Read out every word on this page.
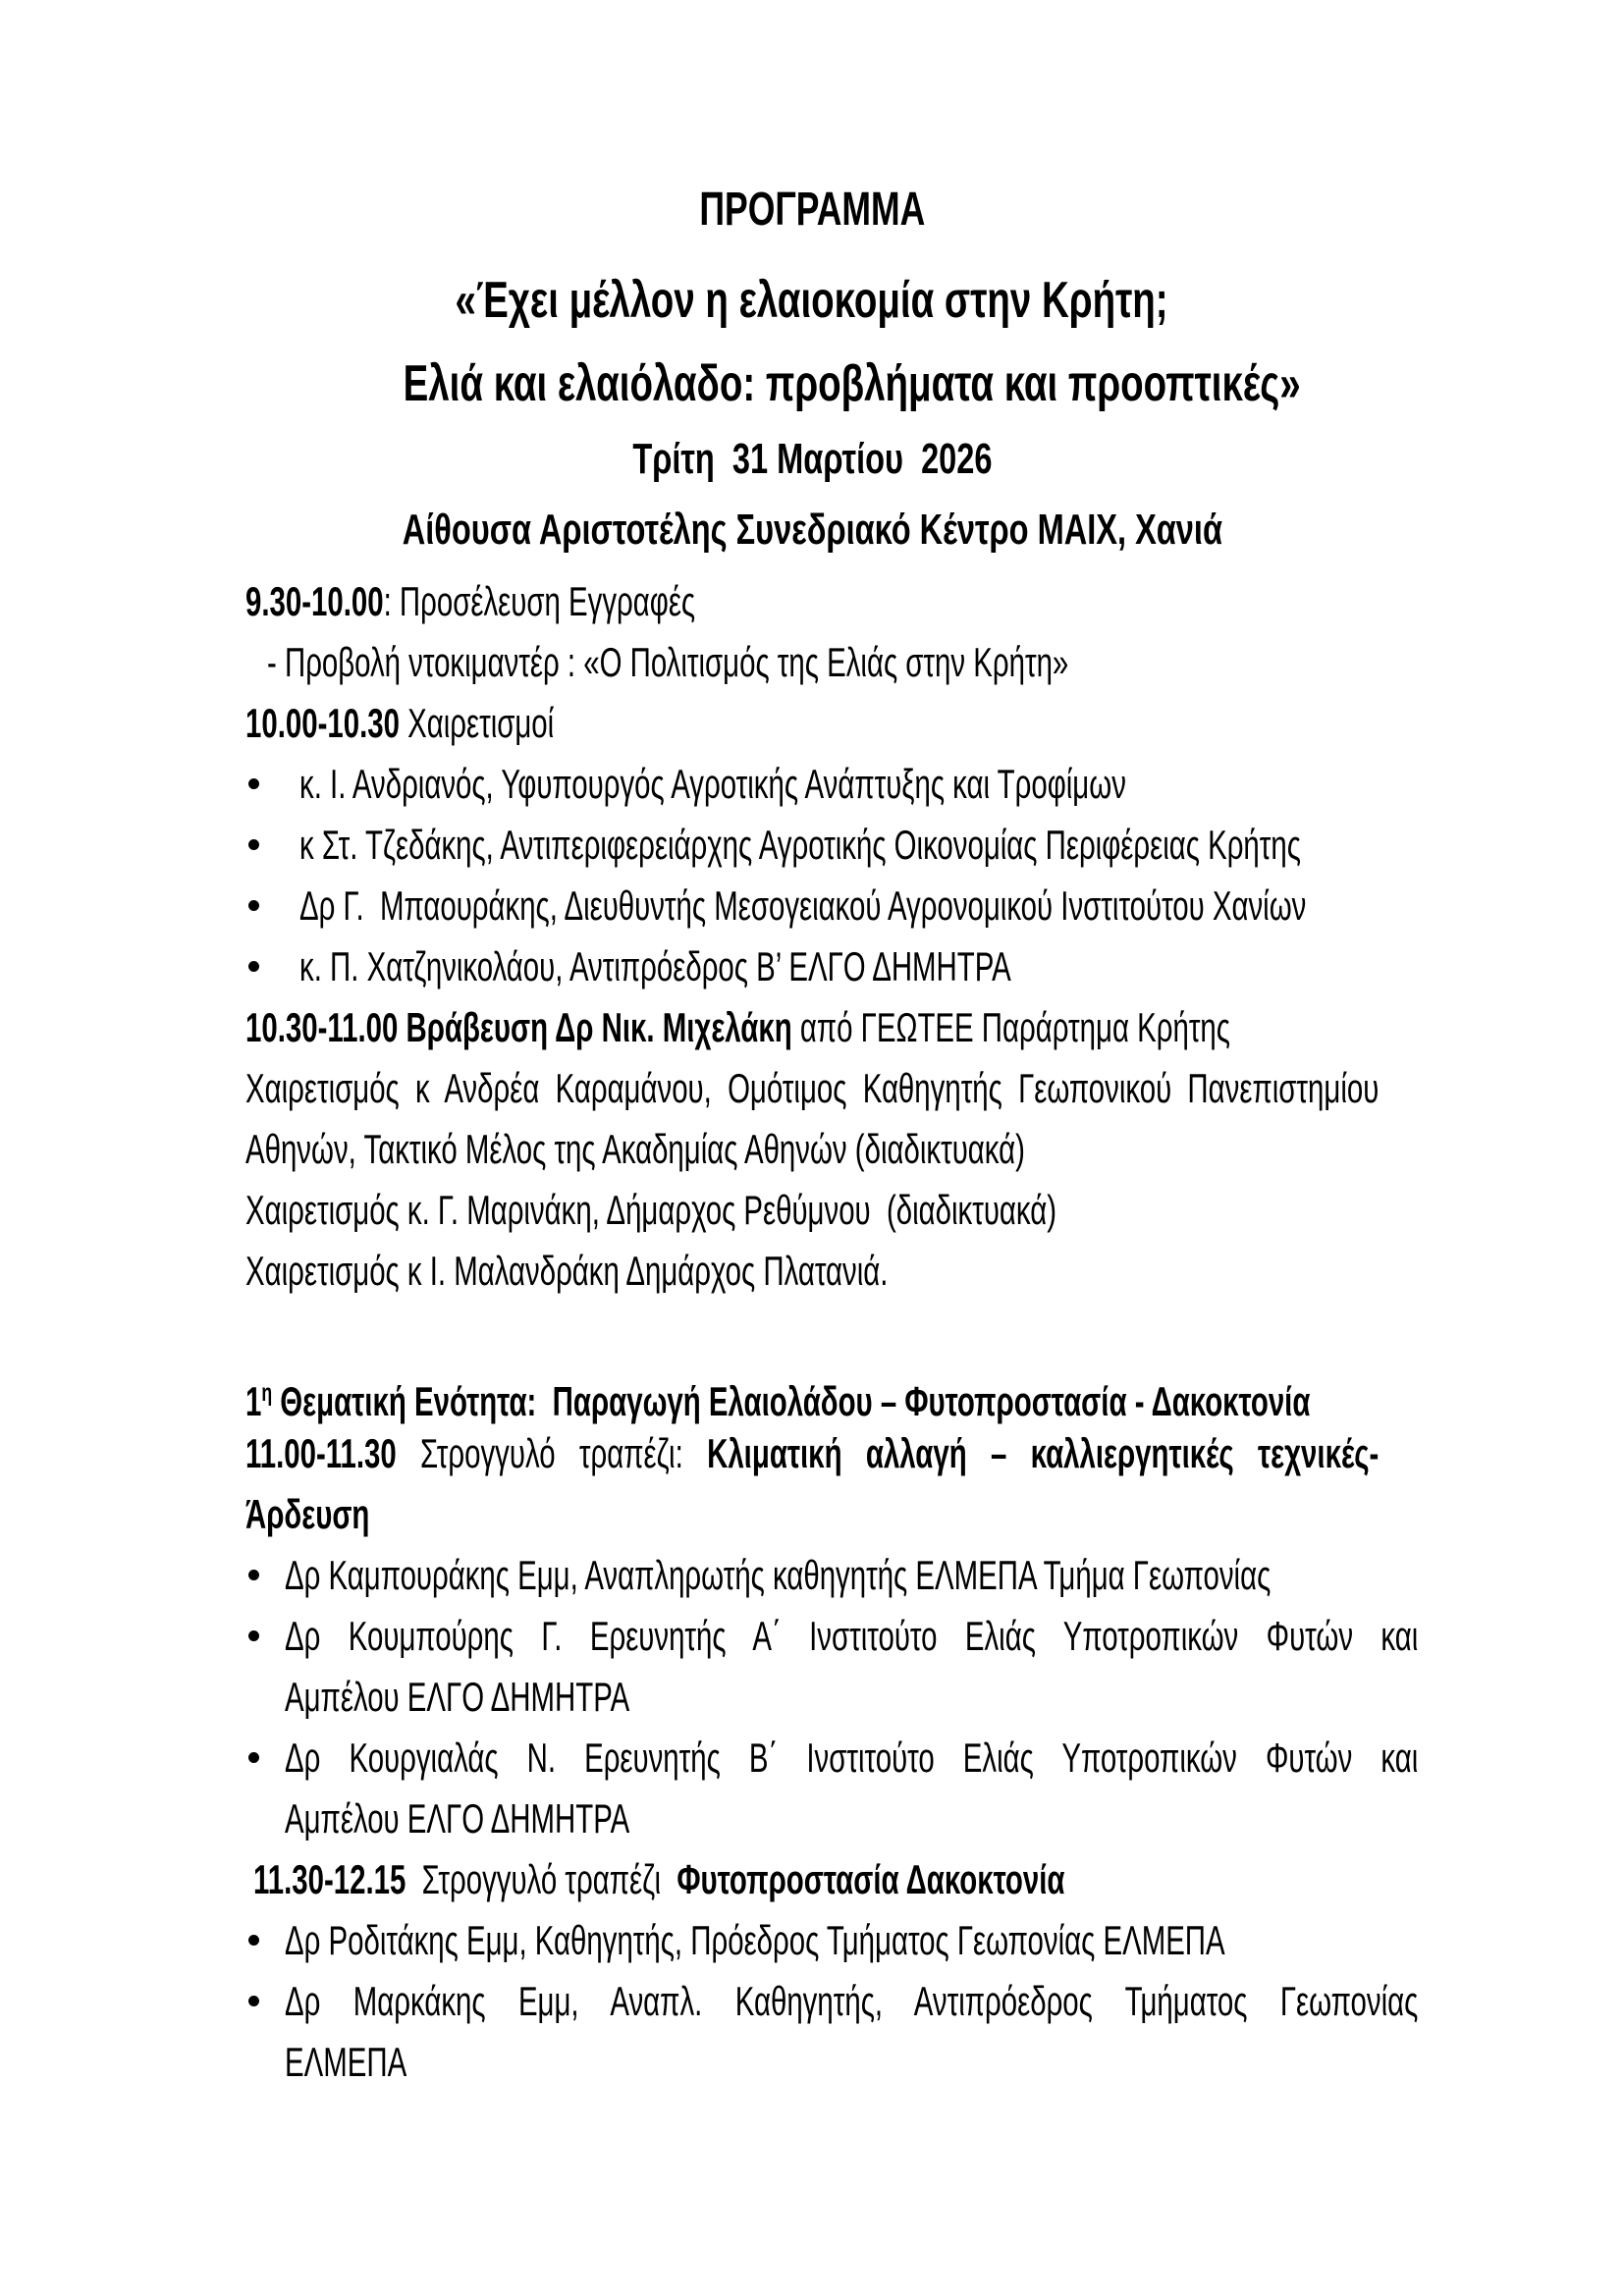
ΠΡΟΓΡΑΜΜΑ
«Έχει μέλλον η ελαιοκομία στην Κρήτη;
Ελιά και ελαιόλαδο: προβλήματα και προοπτικές»
Τρίτη  31 Μαρτίου  2026
Αίθουσα Αριστοτέλης Συνεδριακό Κέντρο ΜΑΙΧ, Χανιά
9.30-10.00: Προσέλευση Εγγραφές
- Προβολή ντοκιμαντέρ : «Ο Πολιτισμός της Ελιάς στην Κρήτη»
10.00-10.30 Χαιρετισμοί
κ. Ι. Ανδριανός, Υφυπουργός Αγροτικής Ανάπτυξης και Τροφίμων
κ Στ. Τζεδάκης, Αντιπεριφερειάρχης Αγροτικής Οικονομίας Περιφέρειας Κρήτης
Δρ Γ.  Μπαουράκης, Διευθυντής Μεσογειακού Αγρονομικού Ινστιτούτου Χανίων
κ. Π. Χατζηνικολάου, Αντιπρόεδρος Β’ ΕΛΓΟ ΔΗΜΗΤΡΑ
10.30-11.00 Βράβευση Δρ Νικ. Μιχελάκη από ΓΕΩΤΕΕ Παράρτημα Κρήτης
Χαιρετισμός κ Ανδρέα Καραμάνου, Ομότιμος Καθηγητής Γεωπονικού Πανεπιστημίου
Αθηνών, Τακτικό Μέλος της Ακαδημίας Αθηνών (διαδικτυακά)
Χαιρετισμός κ. Γ. Μαρινάκη, Δήμαρχος Ρεθύμνου  (διαδικτυακά)
Χαιρετισμός κ Ι. Μαλανδράκη Δημάρχος Πλατανιά.
$1^\eta$ Θεματική Ενότητα:  Παραγωγή Ελαιολάδου – Φυτοπροστασία - Δακοκτονία
11.00-11.30 Στρογγυλό τραπέζι: Κλιματική αλλαγή – καλλιεργητικές τεχνικές-
Άρδευση
Δρ Καμπουράκης Εμμ, Αναπληρωτής καθηγητής ΕΛΜΕΠΑ Τμήμα Γεωπονίας
Δρ Κουμπούρης Γ. Ερευνητής Α΄ Ινστιτούτο Ελιάς Υποτροπικών Φυτών και
Αμπέλου ΕΛΓΟ ΔΗΜΗΤΡΑ
Δρ Κουργιαλάς Ν. Ερευνητής Β΄ Ινστιτούτο Ελιάς Υποτροπικών Φυτών και
Αμπέλου ΕΛΓΟ ΔΗΜΗΤΡΑ
11.30-12.15  Στρογγυλό τραπέζι  Φυτοπροστασία Δακοκτονία
Δρ Ροδιτάκης Εμμ, Καθηγητής, Πρόεδρος Τμήματος Γεωπονίας ΕΛΜΕΠΑ
Δρ Μαρκάκης Εμμ, Αναπλ. Καθηγητής, Αντιπρόεδρος Τμήματος Γεωπονίας
ΕΛΜΕΠΑ
